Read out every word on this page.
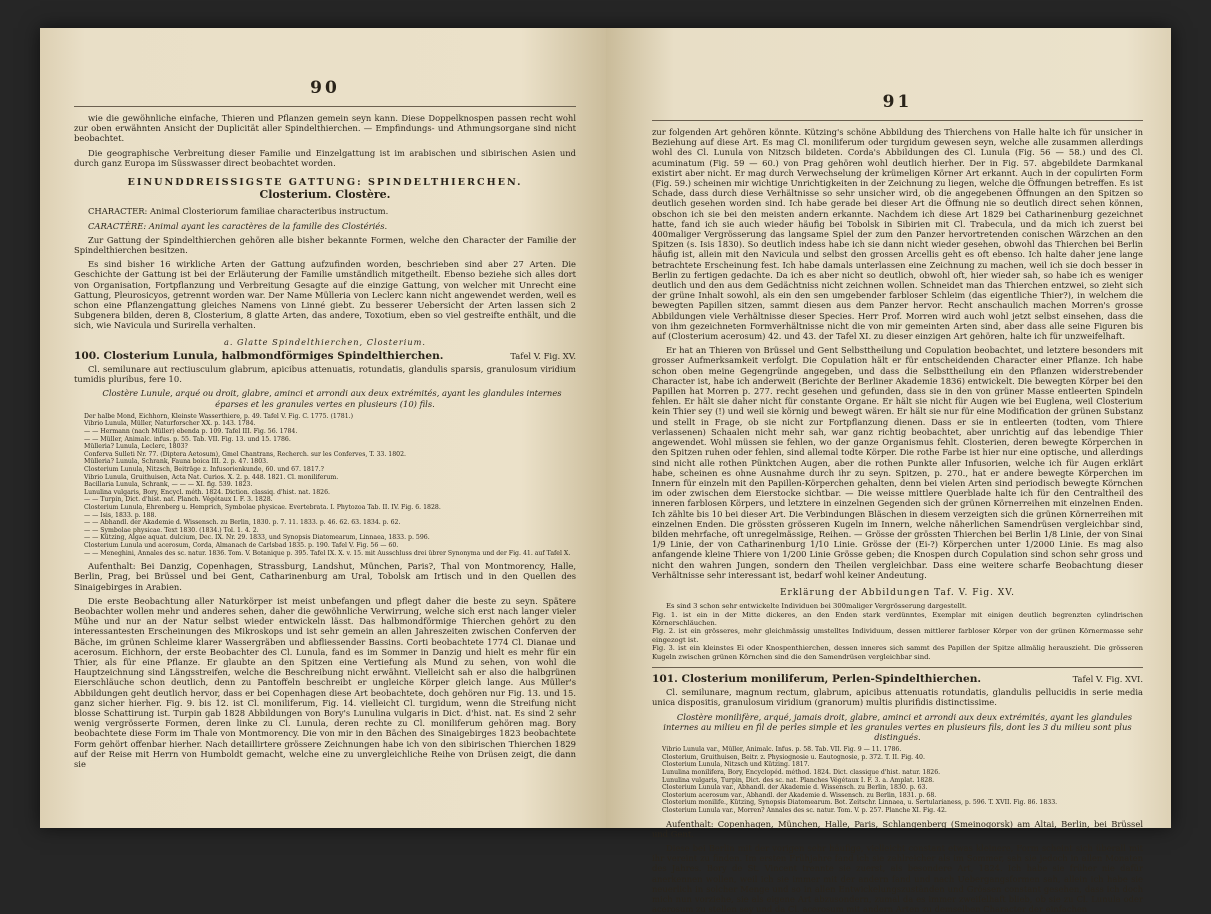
90

wie die gewöhnliche einfache, Thieren und Pflanzen gemein seyn kann. Diese Doppelknospen passen recht wohl zur oben erwähnten Ansicht der Duplicität aller Spindelthierchen. — Empfindungs- und Athmungsorgane sind nicht beobachtet.

Die geographische Verbreitung dieser Familie und Einzelgattung ist im arabischen und sibirischen Asien und durch ganz Europa im Süsswasser direct beobachtet worden.

EINUNDDREISSIGSTE GATTUNG: SPINDELTHIERCHEN.
Closterium. Clostère.

CHARACTER: Animal Closteriorum familiae characteribus instructum.

CARACTÈRE: Animal ayant les caractères de la famille des Clostériés.

Zur Gattung der Spindelthierchen gehören alle bisher bekannte Formen, welche den Character der Familie der Spindelthierchen besitzen.

Es sind bisher 16 wirkliche Arten der Gattung aufzufinden worden, beschrieben sind aber 27 Arten. Die Geschichte der Gattung ist bei der Erläuterung der Familie umständlich mitgetheilt. Ebenso beziehe sich alles dort von Organisation, Fortpflanzung und Verbreitung Gesagte auf die einzige Gattung, von welcher mit Unrecht eine Gattung, Pleurosicyos, getrennt worden war. Der Name Mülleria von Leclerc kann nicht angewendet werden, weil es schon eine Pflanzengattung gleiches Namens von Linné giebt. Zu besserer Uebersicht der Arten lassen sich 2 Subgenera bilden, deren 8, Closterium, 8 glatte Arten, das andere, Toxotium, eben so viel gestreifte enthält, und die sich, wie Navicula und Surirella verhalten.

a. Glatte Spindelthierchen, Closterium.
100. Closterium Lunula, halbmondförmiges Spindelthierchen.	Tafel V. Fig. XV.

Cl. semilunare aut rectiusculum glabrum, apicibus attenuatis, rotundatis, glandulis sparsis, granulosum viridium tumidis pluribus, fere 10.

Clostère Lunule, arqué ou droit, glabre, aminci et arrondi aux deux extrémités, ayant les glandules internes éparses et les granules vertes en plusieurs (10) fils.

Der halbe Mond, Eichhorn, Kleinste Wasserthiere, p. 49. Tafel V. Fig. C. 1775. (1781.)

Vibrio Lunula, Müller, Naturforscher XX. p. 143. 1784.

— — Hermann (nach Müller) ebenda p. 109. Tafel III. Fig. 56. 1784.

— — Müller, Animalc. infus. p. 55. Tab. VII. Fig. 13. und 15. 1786.

Mülleria? Lunula, Leclerc, 1803?

Conferva Sulleti Nr. 77. (Diptera Aetosum), Gmel Chantrans, Recherch. sur les Conferves, T. 33. 1802.

Mülleria? Lunula, Schrank, Fauna boica III. 2. p. 47. 1803.

Closterium Lunula, Nitzsch, Beiträge z. Infusorienkunde, 60. und 67. 1817.?

Vibrio Lunula, Gruithuisen, Acta Nat. Curios. X. 2. p. 448. 1821. Cl. moniliferum.

Bacillaria Lunula, Schrank, — — — XI. fig. 539. 1823.

Lunulina vulgaris, Bory, Encycl. méth. 1824. Diction. classiq. d'hist. nat. 1826.

— — Turpin, Dict. d'hist. nat. Planch. Végétaux I. F. 3. 1828.

Closterium Lunula, Ehrenberg u. Hemprich, Symbolae physicae. Evertebrata. I. Phytozoa Tab. II. IV. Fig. 6. 1828.

— — Isis, 1833. p. 188.

— — Abhandl. der Akademie d. Wissensch. zu Berlin, 1830. p. 7. 11. 1833. p. 46. 62. 63. 1834. p. 62.

— — Symbolae physicae. Text 1830. (1834.) Tol. 1. 4. 2.

— — Kützing, Algae aquat. dulcium, Dec. IX. Nr. 29. 1833, und Synopsis Diatomearum, Linnaea, 1833. p. 596.

Closterium Lunula und acerosum, Corda, Almanach de Carlsbad 1835. p. 190. Tafel V. Fig. 56 — 60.

— — Meneghini, Annales des sc. natur. 1836. Tom. V. Botanique p. 395. Tafel IX. X. v. 15. mit Ausschluss drei übrer Synonyma und der Fig. 41. auf Tafel X.

Aufenthalt: Bei Danzig, Copenhagen, Strassburg, Landshut, München, Paris?, Thal von Montmorency, Halle, Berlin, Prag, bei Brüssel und bei Gent, Catharinenburg am Ural, Tobolsk am Irtisch und in den Quellen des Sinaigebirges in Arabien.

Die erste Beobachtung aller Naturkörper ist meist unbefangen und pflegt daher die beste zu seyn. Spätere Beobachter wollen mehr und anderes sehen, daher die gewöhnliche Verwirrung, welche sich erst nach langer vieler Mühe und nur an der Natur selbst wieder entwickeln lässt. Das halbmondförmige Thierchen gehört zu den interessantesten Erscheinungen des Mikroskops und ist sehr gemein an allen Jahreszeiten zwischen Conferven der Bäche, im grünen Schleime klarer Wassergräben und abfliessender Bassins. Corti beobachtete 1774 Cl. Dianae und acerosum. Eichhorn, der erste Beobachter des Cl. Lunula, fand es im Sommer in Danzig und hielt es mehr für ein Thier, als für eine Pflanze. Er glaubte an den Spitzen eine Vertiefung als Mund zu sehen, von wohl die Hauptzeichnung sind Längsstreifen, welche die Beschreibung nicht erwähnt. Vielleicht sah er also die halbgrünen Eierschläuche schon deutlich, denn zu Pantoffeln beschreibt er ungleiche Körper gleich lange. Aus Müller's Abbildungen geht deutlich hervor, dass er bei Copenhagen diese Art beobachtete, doch gehören nur Fig. 13. und 15. ganz sicher hierher. Fig. 9. bis 12. ist Cl. moniliferum, Fig. 14. vielleicht Cl. turgidum, wenn die Streifung nicht blosse Schattirung ist. Turpin gab 1828 Abbildungen von Bory's Lunulina vulgaris in Dict. d'hist. nat. Es sind 2 sehr wenig vergrösserte Formen, deren linke zu Cl. Lunula, deren rechte zu Cl. moniliferum gehören mag. Bory beobachtete diese Form im Thale von Montmorency. Die von mir in den Bächen des Sinaigebirges 1823 beobachtete Form gehört offenbar hierher. Nach detaillirtere grössere Zeichnungen habe ich von den sibirischen Thierchen 1829 auf der Reise mit Herrn von Humboldt gemacht, welche eine zu unvergleichliche Reihe von Drüsen zeigt, die dann sie

91

zur folgenden Art gehören könnte. Kützing's schöne Abbildung des Thierchens von Halle halte ich für unsicher in Beziehung auf diese Art. Es mag Cl. moniliferum oder turgidum gewesen seyn, welche alle zusammen allerdings wohl des Cl. Lunula von Nitzsch bildeten. Corda's Abbildungen des Cl. Lunula (Fig. 56 — 58.) und des Cl. acuminatum (Fig. 59 — 60.) von Prag gehören wohl deutlich hierher. Der in Fig. 57. abgebildete Darmkanal existirt aber nicht. Er mag durch Verwechselung der krümeligen Körner Art erkannt. Auch in der copulirten Form (Fig. 59.) scheinen mir wichtige Unrichtigkeiten in der Zeichnung zu liegen, welche die Öffnungen betreffen. Es ist Schade, dass durch diese Verhältnisse so sehr unsicher wird, ob die angegebenen Öffnungen an den Spitzen so deutlich gesehen worden sind. Ich habe gerade bei dieser Art die Öffnung nie so deutlich direct sehen können, obschon ich sie bei den meisten andern erkannte. Nachdem ich diese Art 1829 bei Catharinenburg gezeichnet hatte, fand ich sie auch wieder häufig bei Tobolsk in Sibirien mit Cl. Trabecula, und da mich ich zuerst bei 400maliger Vergrösserung das langsame Spiel der zum den Panzer hervortretenden conischen Wärzchen an den Spitzen (s. Isis 1830). So deutlich indess habe ich sie dann nicht wieder gesehen, obwohl das Thierchen bei Berlin häufig ist, allein mit den Navicula und selbst den grossen Arcellis geht es oft ebenso. Ich halte daher jene lange betrachtete Erscheinung fest. Ich habe damals unterlassen eine Zeichnung zu machen, weil ich sie doch besser in Berlin zu fertigen gedachte. Da ich es aber nicht so deutlich, obwohl oft, hier wieder sah, so habe ich es weniger deutlich und den aus dem Gedächtniss nicht zeichnen wollen. Schneidet man das Thierchen entzwei, so zieht sich der grüne Inhalt sowohl, als ein den sen umgebender farbloser Schleim (das eigentliche Thier?), in welchem die bewegten Papillen sitzen, sammt diesen aus dem Panzer hervor. Recht anschaulich machen Morren's grosse Abbildungen viele Verhältnisse dieser Species. Herr Prof. Morren wird auch wohl jetzt selbst einsehen, dass die von ihm gezeichneten Formverhältnisse nicht die von mir gemeinten Arten sind, aber dass alle seine Figuren bis auf (Closterium acerosum) 42. und 43. der Tafel XI. zu dieser einzigen Art gehören, halte ich für unzweifelhaft.

Er hat an Thieren von Brüssel und Gent Selbsttheilung und Copulation beobachtet, und letztere besonders mit grosser Aufmerksamkeit verfolgt. Die Copulation hält er für entscheidenden Character einer Pflanze. Ich habe schon oben meine Gegengründe angegeben, und dass die Selbsttheilung ein den Pflanzen widerstrebender Character ist, habe ich anderweit (Berichte der Berliner Akademie 1836) entwickelt. Die bewegten Körper bei den Papillen hat Morren p. 277. recht gesehen und gefunden, dass sie in den von grüner Masse entleerten Spindeln fehlen. Er hält sie daher nicht für constante Organe. Er hält sie nicht für Augen wie bei Euglena, weil Closterium kein Thier sey (!) und weil sie körnig und bewegt wären. Er hält sie nur für eine Modification der grünen Substanz und stellt in Frage, ob sie nicht zur Fortpflanzung dienen. Dass er sie in entleerten (todten, vom Thiere verlassenen) Schaalen nicht mehr sah, war ganz richtig beobachtet, aber unrichtig auf das lebendige Thier angewendet. Wohl müssen sie fehlen, wo der ganze Organismus fehlt. Closterien, deren bewegte Körperchen in den Spitzen ruhen oder fehlen, sind allemal todte Körper. Die rothe Farbe ist hier nur eine optische, und allerdings sind nicht alle rothen Pünktchen Augen, aber die rothen Punkte aller Infusorien, welche ich für Augen erklärt habe, scheinen es ohne Ausnahme durch ihr zu seyn. Spitzen, p. 270., hat er andere bewegte Körperchen im Innern für einzeln mit den Papillen-Körperchen gehalten, denn bei vielen Arten sind periodisch bewegte Körnchen im oder zwischen dem Eierstocke sichtbar. — Die weisse mittlere Querblade halte ich für den Centraltheil des inneren farblosen Körpers, und letztere in einzelnen Gegenden sich der grünen Körnerreihen mit einzelnen Enden. Ich zählte bis 10 bei dieser Art. Die Verbindungen Bläschen in diesem verzeigten sich die grünen Körnerreihen mit einzelnen Enden. Die grössten grösseren Kugeln im Innern, welche näherlichen Samendrüsen vergleichbar sind, bilden mehrfache, oft unregelmässige, Reihen. — Grösse der grössten Thierchen bei Berlin 1/8 Linie, der von Sinai 1/9 Linie, der von Catharinenburg 1/10 Linie. Grösse der (Ei-?) Körperchen unter 1/2000 Linie. Es mag also anfangende kleine Thiere von 1/200 Linie Grösse geben; die Knospen durch Copulation sind schon sehr gross und nicht den wahren Jungen, sondern den Theilen vergleichbar. Dass eine weitere scharfe Beobachtung dieser Verhältnisse sehr interessant ist, bedarf wohl keiner Andeutung.

Erklärung der Abbildungen Taf. V. Fig. XV.

Es sind 3 schon sehr entwickelte Individuen bei 300maliger Vergrösserung dargestellt.

Fig. 1. ist ein in der Mitte dickeres, an den Enden stark verdünntes, Exemplar mit einigen deutlich begrenzten cylindrischen Körnerschläuchen.

Fig. 2. ist ein grösseres, mehr gleichmässig umstelltes Individuum, dessen mittlerer farbloser Körper von der grünen Körnermasse sehr eingezogt ist.

Fig. 3. ist ein kleinstes Ei oder Knospenthierchen, dessen inneres sich sammt des Papillen der Spitze allmälig herauszieht. Die grösseren Kugeln zwischen grünen Körnchen sind die den Samendrüsen vergleichbar sind.

101. Closterium moniliferum, Perlen-Spindelthierchen.	Tafel V. Fig. XVI.

Cl. semilunare, magnum rectum, glabrum, apicibus attenuatis rotundatis, glandulis pellucidis in serie media unica dispositis, granulosum viridium (granorum) multis plurifidis distinctissime.

Clostère monilifère, arqué, jamais droit, glabre, aminci et arrondi aux deux extrémités, ayant les glandules internes au milieu en fil de perles simple et les granules vertes en plusieurs fils, dont les 3 du milieu sont plus distingués.

Vibrio Lunula var., Müller, Animalc. Infus. p. 58. Tab. VII. Fig. 9 — 11. 1786.

Closterium, Gruithuisen, Beitr. z. Physiognosie u. Eautognosie, p. 372. T. II. Fig. 40.

Closterium Lunula, Nitzsch und Kützing. 1817.

Lunulina monilifera, Bory, Encyclopéd. méthod. 1824. Dict. classique d'hist. natur. 1826.

Lunulina vulgaris, Turpin, Dict. des sc. nat. Planches Végétaux I. F. 3. a. Amplat. 1828.

Closterium Lunula var., Abhandl. der Akademie d. Wissensch. zu Berlin, 1830. p. 63.

Closterium acerosum var., Abhandl. der Akademie d. Wissensch. zu Berlin, 1831. p. 68.

Closterium monilife., Kützing, Synopsis Diatomearum. Bot. Zeitschr. Linnaea, u. Sertularianess, p. 596. T. XVII. Fig. 86. 1833.

Closterium Lunula var., Morren? Annales des sc. natur. Tom. V. p. 257. Planche XI. Fig. 42.

Aufenthalt: Copenhagen, München, Halle, Paris, Schlangenberg (Smeinogorsk) am Altai, Berlin, bei Brüssel und Gent.

Diese bei Berlin mit der vorigen sehr häufige, vielleicht constant etwas kleinere, Form scheint sich überall mit ihr vereint zu finden. Im ersten Frühjahre fand ich sie zahlreicher als im Sommer, sah sie jedoch in allen Monaten des Jahres. Bory de St. Vincent trennte sie zuerst, als besondere Art, 1824. Ich habe sie früher nie dafür anerkennen wollen, weil ich sie immer mit der andern fand und nach Uebergangsformen sah, allein ich habe sie neuerlich in solcher Menge und so in allen Entwickelungszuständen und Grössen constant gesehen, dass ich doch mich nun vorziehe, sie als eigene Art abzusondern, zumal da es immer zweifelhaft blieb, ob sie zu Cl. Lunula oder acerosum zu stellen sey und da Cl. acerosum mit andern Arten zu demselben Character der einfachen
